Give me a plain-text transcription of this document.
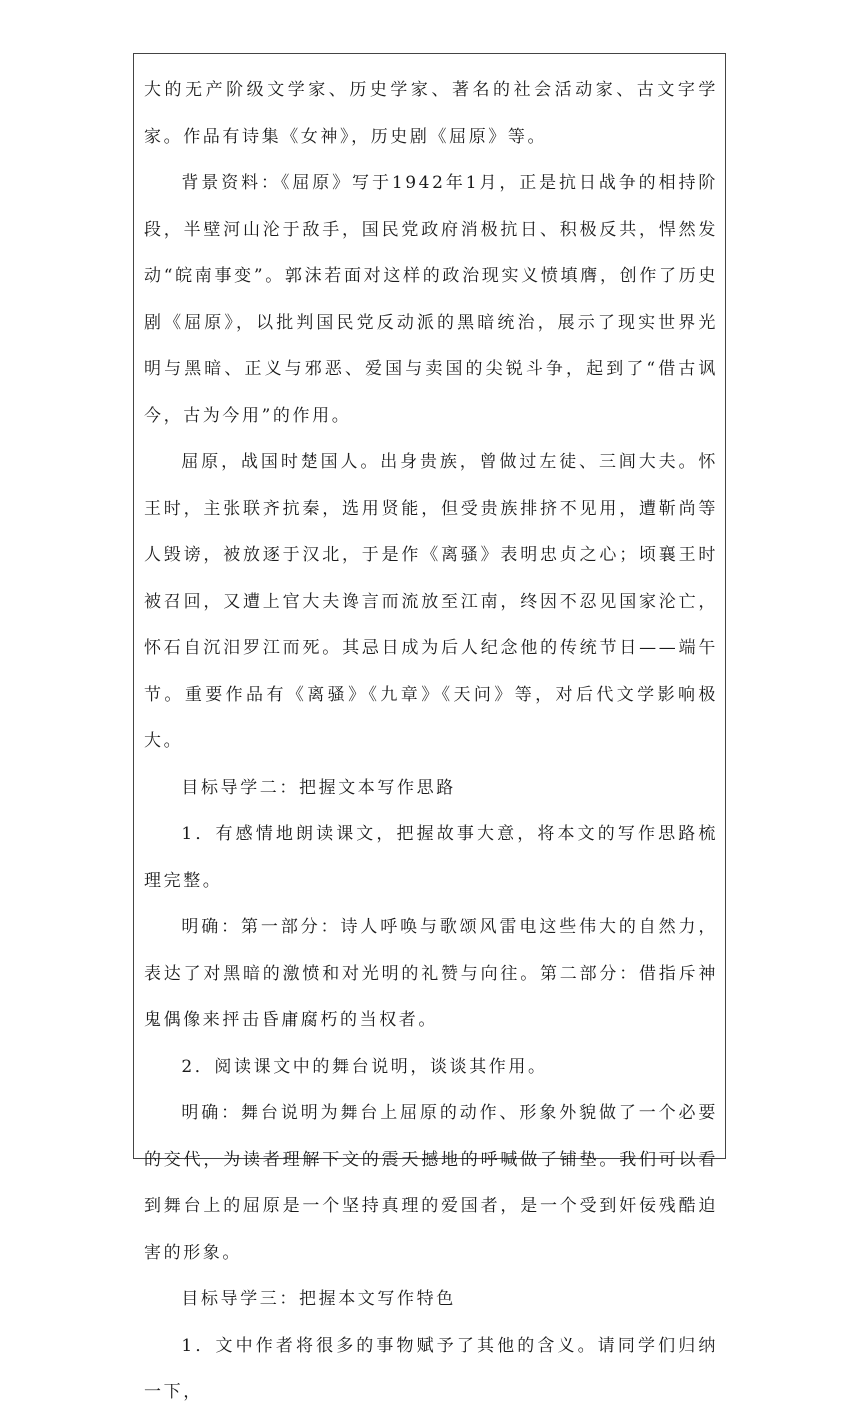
大的无产阶级文学家、历史学家、著名的社会活动家、古文字学家。作品有诗集《女神》，历史剧《屈原》等。

背景资料：《屈原》写于1942年1月，正是抗日战争的相持阶段，半壁河山沦于敌手，国民党政府消极抗日、积极反共，悍然发动“皖南事变”。郭沫若面对这样的政治现实义愤填膺，创作了历史剧《屈原》，以批判国民党反动派的黑暗统治，展示了现实世界光明与黑暗、正义与邪恶、爱国与卖国的尖锐斗争，起到了“借古讽今，古为今用”的作用。

屈原，战国时楚国人。出身贵族，曾做过左徒、三闾大夫。怀王时，主张联齐抗秦，选用贤能，但受贵族排挤不见用，遭靳尚等人毁谤，被放逐于汉北，于是作《离骚》表明忠贞之心；顷襄王时被召回，又遭上官大夫谗言而流放至江南，终因不忍见国家沦亡，怀石自沉汨罗江而死。其忌日成为后人纪念他的传统节日——端午节。重要作品有《离骚》《九章》《天问》等，对后代文学影响极大。

目标导学二：把握文本写作思路

1．有感情地朗读课文，把握故事大意，将本文的写作思路梳理完整。

明确：第一部分：诗人呼唤与歌颂风雷电这些伟大的自然力，表达了对黑暗的激愤和对光明的礼赞与向往。第二部分：借指斥神鬼偶像来抨击昏庸腐朽的当权者。

2．阅读课文中的舞台说明，谈谈其作用。

明确：舞台说明为舞台上屈原的动作、形象外貌做了一个必要的交代，为读者理解下文的震天撼地的呼喊做了铺垫。我们可以看到舞台上的屈原是一个坚持真理的爱国者，是一个受到奸佞残酷迫害的形象。

目标导学三：把握本文写作特色

1．文中作者将很多的事物赋予了其他的含义。请同学们归纳一下，
